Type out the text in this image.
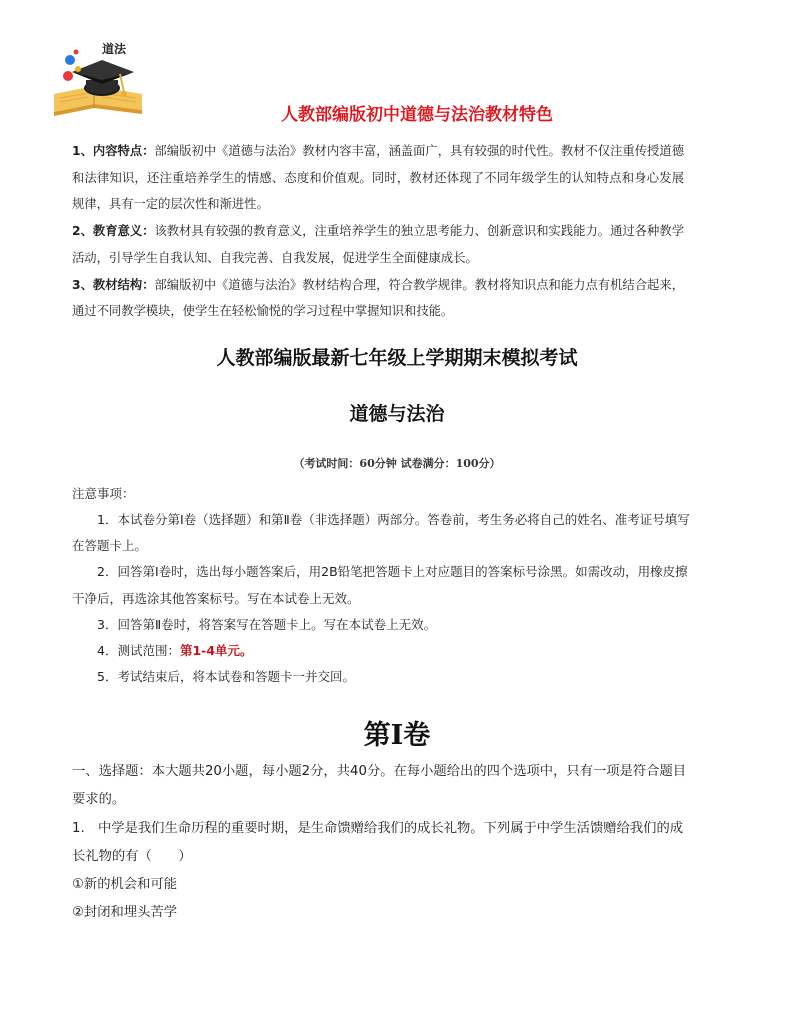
道法
人教部编版初中道德与法治教材特色

1、内容特点：部编版初中《道德与法治》教材内容丰富，涵盖面广，具有较强的时代性。教材不仅注重传授道德和法律知识，还注重培养学生的情感、态度和价值观。同时，教材还体现了不同年级学生的认知特点和身心发展规律，具有一定的层次性和渐进性。

2、教育意义：该教材具有较强的教育意义，注重培养学生的独立思考能力、创新意识和实践能力。通过各种教学活动，引导学生自我认知、自我完善、自我发展，促进学生全面健康成长。

3、教材结构：部编版初中《道德与法治》教材结构合理，符合教学规律。教材将知识点和能力点有机结合起来，通过不同教学模块，使学生在轻松愉悦的学习过程中掌握知识和技能。

人教部编版最新七年级上学期期末模拟考试
道德与法治
（考试时间：60分钟 试卷满分：100分）

注意事项：

1．本试卷分第Ⅰ卷（选择题）和第Ⅱ卷（非选择题）两部分。答卷前，考生务必将自己的姓名、准考证号填写在答题卡上。

2．回答第Ⅰ卷时，选出每小题答案后，用2B铅笔把答题卡上对应题目的答案标号涂黑。如需改动，用橡皮擦干净后，再选涂其他答案标号。写在本试卷上无效。

3．回答第Ⅱ卷时，将答案写在答题卡上。写在本试卷上无效。

4．测试范围：第1-4单元。

5．考试结束后，将本试卷和答题卡一并交回。

第Ⅰ卷

一、选择题：本大题共20小题，每小题2分，共40分。在每小题给出的四个选项中，只有一项是符合题目要求的。

1. 中学是我们生命历程的重要时期，是生命馈赠给我们的成长礼物。下列属于中学生活馈赠给我们的成长礼物的有（　　）

①新的机会和可能

②封闭和埋头苦学
